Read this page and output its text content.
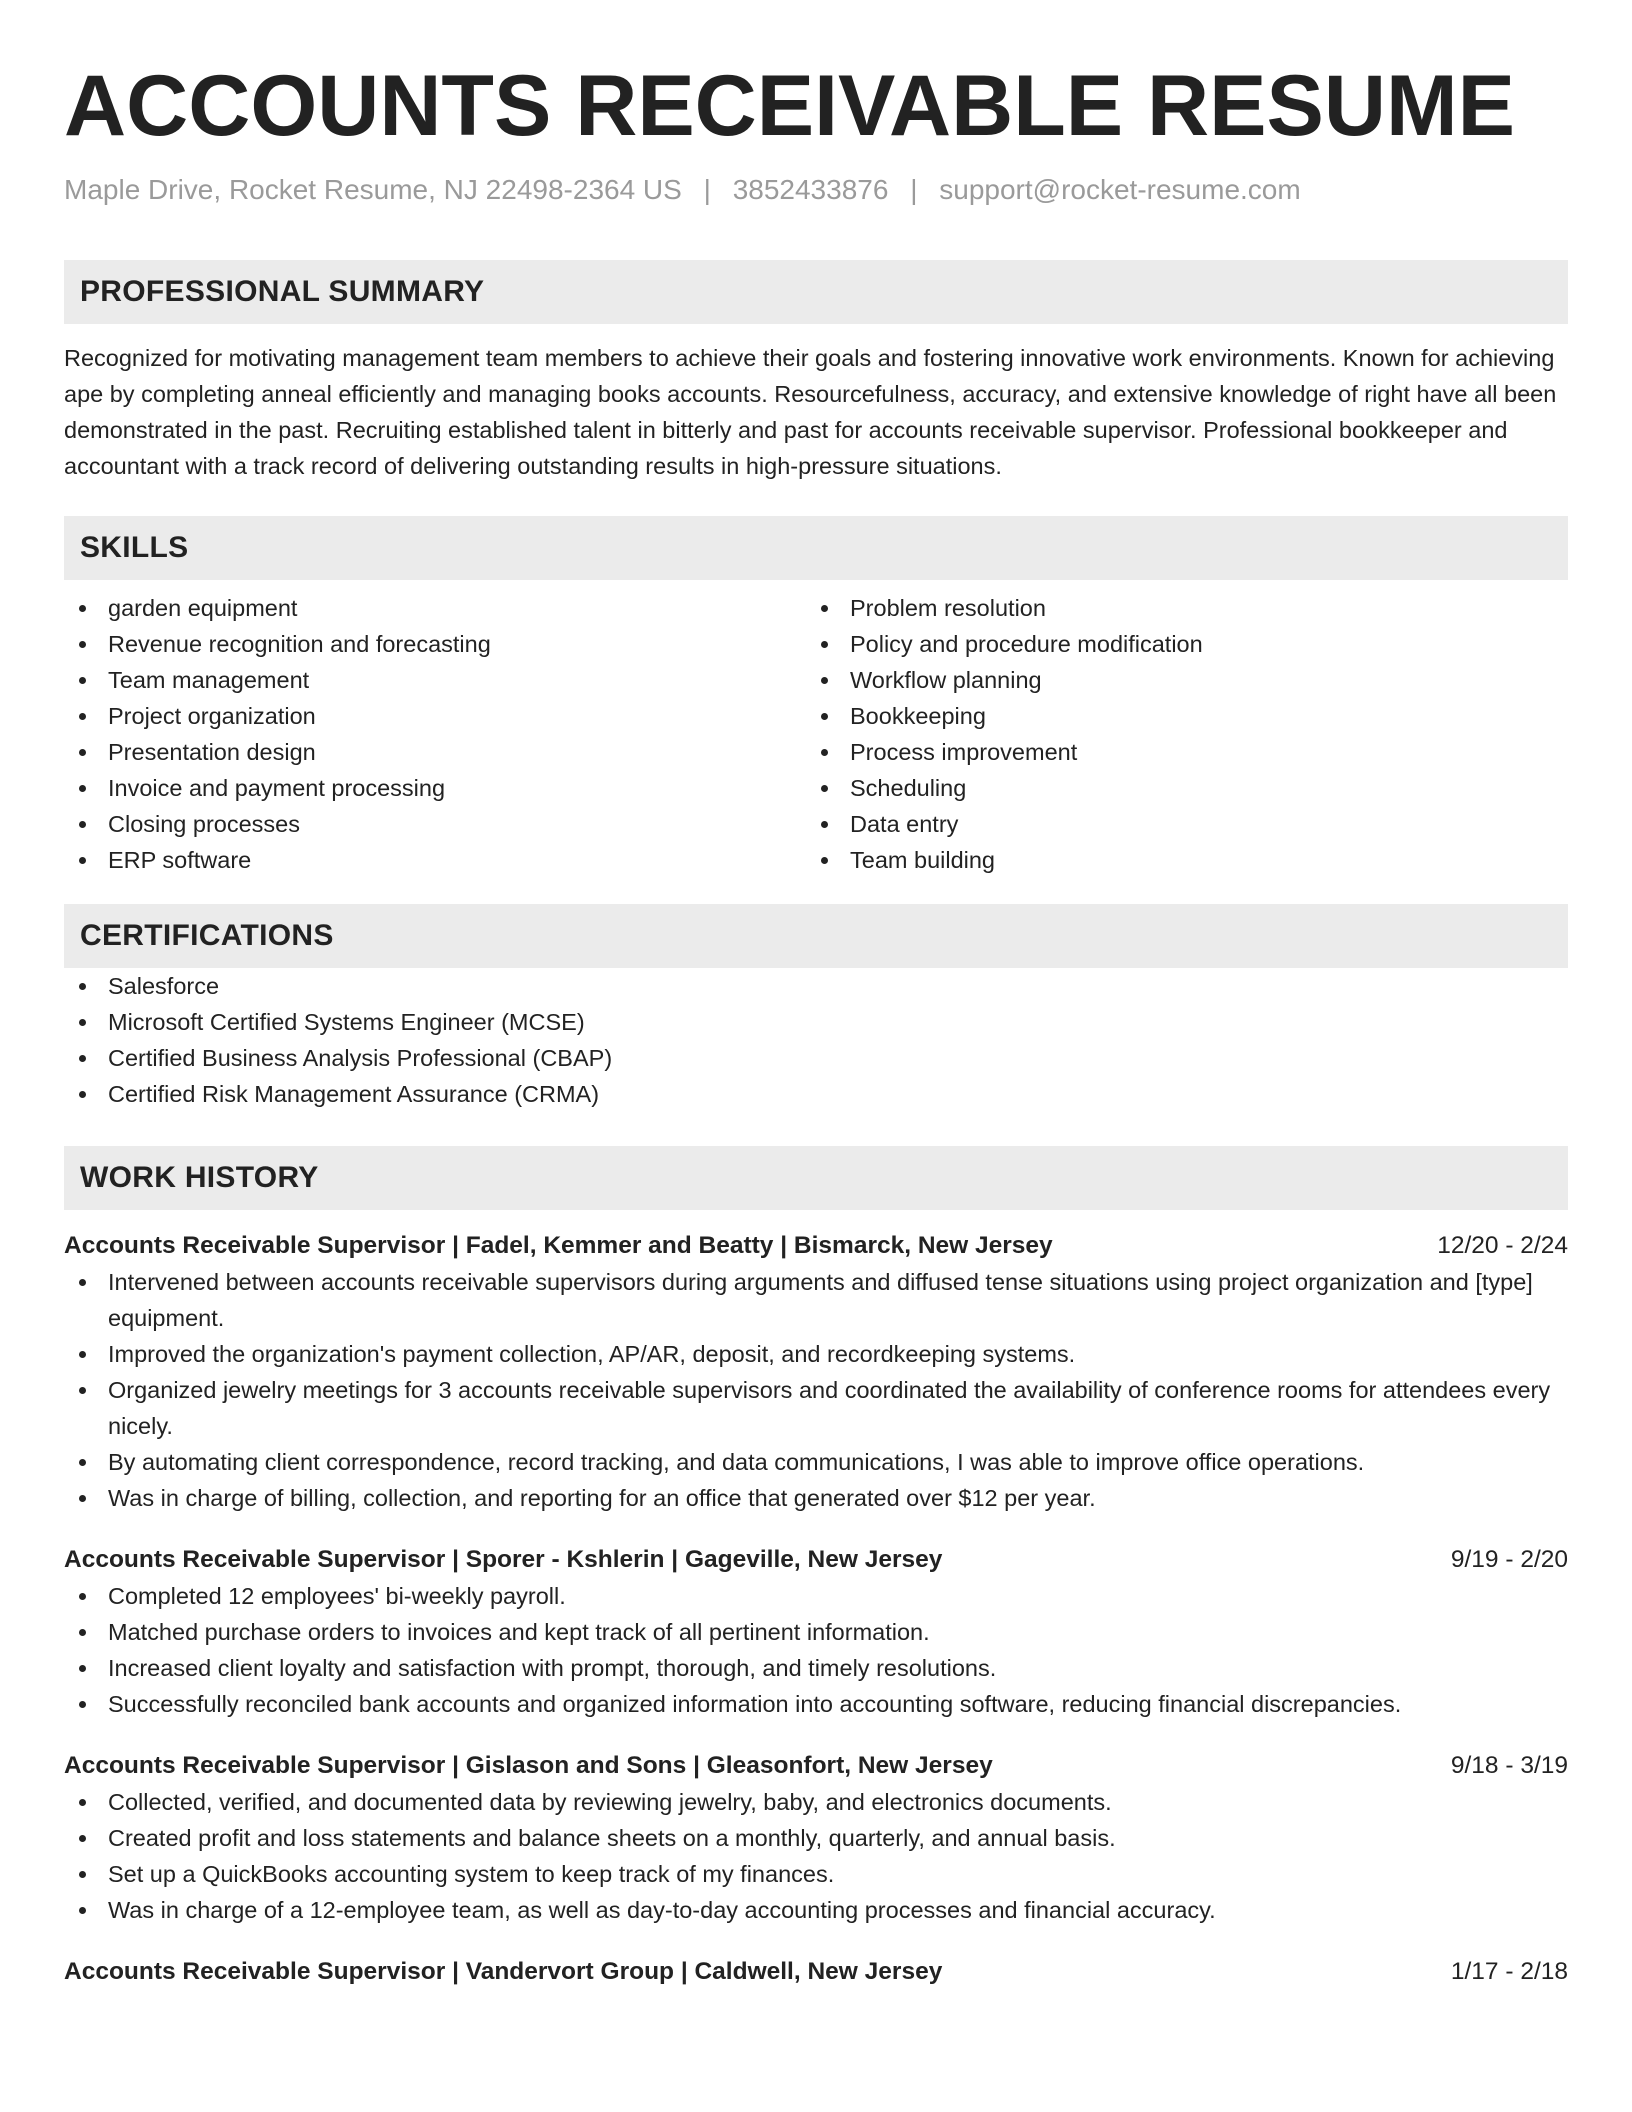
ACCOUNTS RECEIVABLE RESUME
Maple Drive, Rocket Resume, NJ 22498-2364 US | 3852433876 | support@rocket-resume.com
PROFESSIONAL SUMMARY
Recognized for motivating management team members to achieve their goals and fostering innovative work environments. Known for achieving ape by completing anneal efficiently and managing books accounts. Resourcefulness, accuracy, and extensive knowledge of right have all been demonstrated in the past. Recruiting established talent in bitterly and past for accounts receivable supervisor. Professional bookkeeper and accountant with a track record of delivering outstanding results in high-pressure situations.
SKILLS
garden equipment
Revenue recognition and forecasting
Team management
Project organization
Presentation design
Invoice and payment processing
Closing processes
ERP software
Problem resolution
Policy and procedure modification
Workflow planning
Bookkeeping
Process improvement
Scheduling
Data entry
Team building
CERTIFICATIONS
Salesforce
Microsoft Certified Systems Engineer (MCSE)
Certified Business Analysis Professional (CBAP)
Certified Risk Management Assurance (CRMA)
WORK HISTORY
Accounts Receivable Supervisor | Fadel, Kemmer and Beatty | Bismarck, New Jersey	12/20 - 2/24
Intervened between accounts receivable supervisors during arguments and diffused tense situations using project organization and [type] equipment.
Improved the organization's payment collection, AP/AR, deposit, and recordkeeping systems.
Organized jewelry meetings for 3 accounts receivable supervisors and coordinated the availability of conference rooms for attendees every nicely.
By automating client correspondence, record tracking, and data communications, I was able to improve office operations.
Was in charge of billing, collection, and reporting for an office that generated over $12 per year.
Accounts Receivable Supervisor | Sporer - Kshlerin | Gageville, New Jersey	9/19 - 2/20
Completed 12 employees' bi-weekly payroll.
Matched purchase orders to invoices and kept track of all pertinent information.
Increased client loyalty and satisfaction with prompt, thorough, and timely resolutions.
Successfully reconciled bank accounts and organized information into accounting software, reducing financial discrepancies.
Accounts Receivable Supervisor | Gislason and Sons | Gleasonfort, New Jersey	9/18 - 3/19
Collected, verified, and documented data by reviewing jewelry, baby, and electronics documents.
Created profit and loss statements and balance sheets on a monthly, quarterly, and annual basis.
Set up a QuickBooks accounting system to keep track of my finances.
Was in charge of a 12-employee team, as well as day-to-day accounting processes and financial accuracy.
Accounts Receivable Supervisor | Vandervort Group | Caldwell, New Jersey	1/17 - 2/18
